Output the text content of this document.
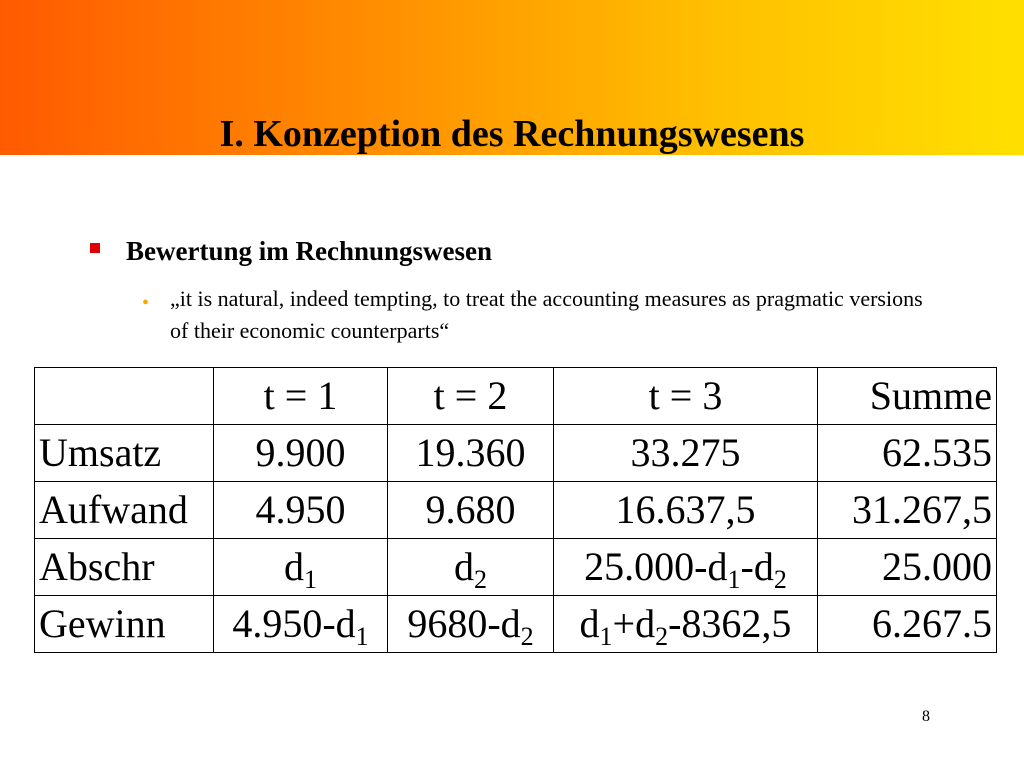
I. Konzeption des Rechnungswesens
Bewertung im Rechnungswesen
• „it is natural, indeed tempting, to treat the accounting measures as pragmatic versions of their economic counterparts“
	t = 1	t = 2	t = 3	Summe
Umsatz	9.900	19.360	33.275	62.535
Aufwand	4.950	9.680	16.637,5	31.267,5
Abschr	$d_1$	$d_2$	$25.000-d_1-d_2$	25.000
Gewinn	$4.950-d_1$	$9680-d_2$	$d_1+d_2-8362,5$	6.267.5
8
